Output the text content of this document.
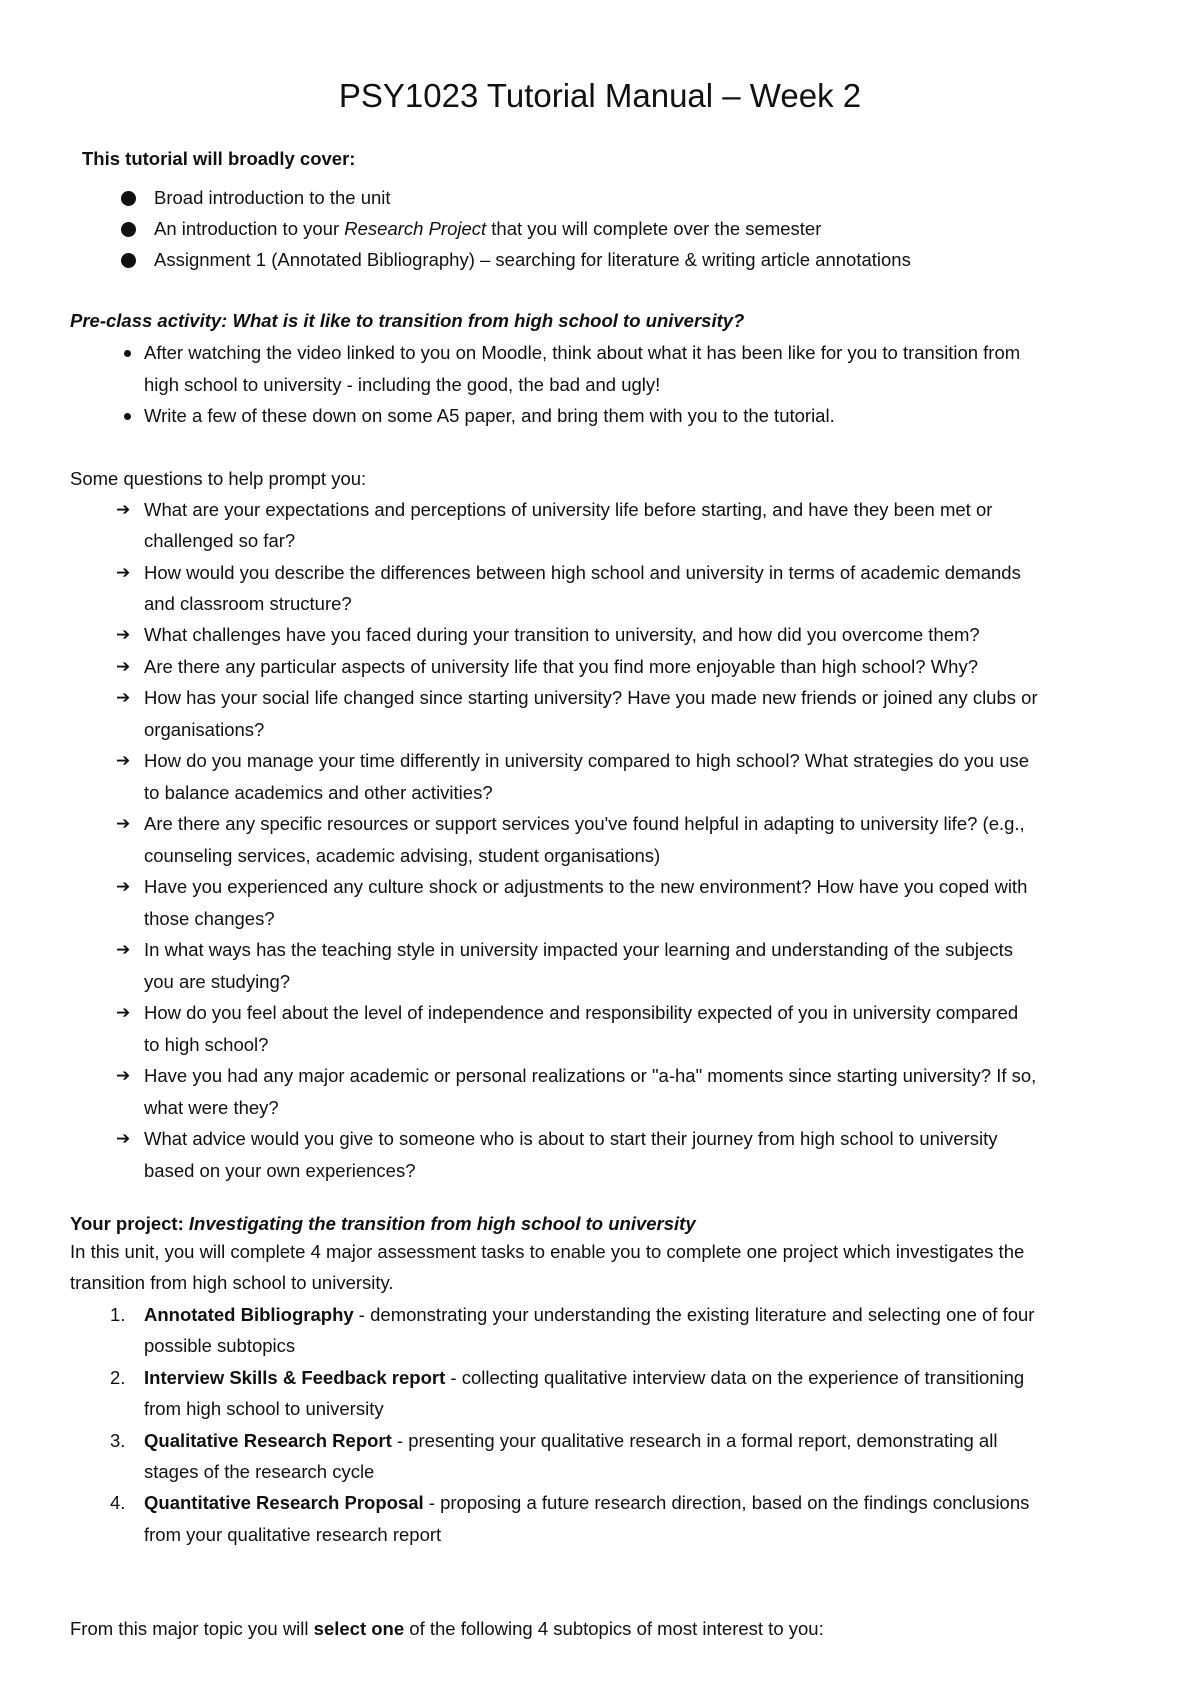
PSY1023 Tutorial Manual – Week 2
This tutorial will broadly cover:
Broad introduction to the unit
An introduction to your Research Project that you will complete over the semester
Assignment 1 (Annotated Bibliography) – searching for literature & writing article annotations
Pre-class activity: What is it like to transition from high school to university?
After watching the video linked to you on Moodle, think about what it has been like for you to transition from
high school to university - including the good, the bad and ugly!
Write a few of these down on some A5 paper, and bring them with you to the tutorial.
Some questions to help prompt you:
➔ What are your expectations and perceptions of university life before starting, and have they been met or
challenged so far?
➔ How would you describe the differences between high school and university in terms of academic demands
and classroom structure?
➔ What challenges have you faced during your transition to university, and how did you overcome them?
➔ Are there any particular aspects of university life that you find more enjoyable than high school? Why?
➔ How has your social life changed since starting university? Have you made new friends or joined any clubs or
organisations?
➔ How do you manage your time differently in university compared to high school? What strategies do you use
to balance academics and other activities?
➔ Are there any specific resources or support services you've found helpful in adapting to university life? (e.g.,
counseling services, academic advising, student organisations)
➔ Have you experienced any culture shock or adjustments to the new environment? How have you coped with
those changes?
➔ In what ways has the teaching style in university impacted your learning and understanding of the subjects
you are studying?
➔ How do you feel about the level of independence and responsibility expected of you in university compared
to high school?
➔ Have you had any major academic or personal realizations or "a-ha" moments since starting university? If so,
what were they?
➔ What advice would you give to someone who is about to start their journey from high school to university
based on your own experiences?
Your project: Investigating the transition from high school to university
In this unit, you will complete 4 major assessment tasks to enable you to complete one project which investigates the
transition from high school to university.
1. Annotated Bibliography - demonstrating your understanding the existing literature and selecting one of four
possible subtopics
2. Interview Skills & Feedback report - collecting qualitative interview data on the experience of transitioning
from high school to university
3. Qualitative Research Report - presenting your qualitative research in a formal report, demonstrating all
stages of the research cycle
4. Quantitative Research Proposal - proposing a future research direction, based on the findings conclusions
from your qualitative research report
From this major topic you will select one of the following 4 subtopics of most interest to you:
